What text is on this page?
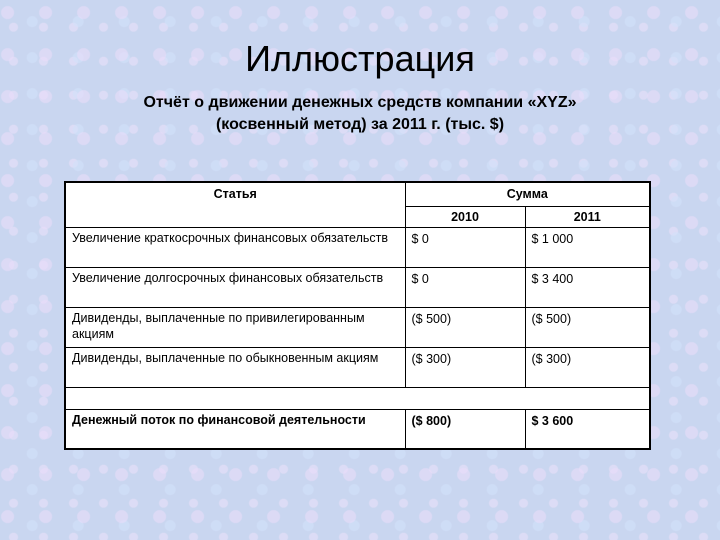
Иллюстрация
Отчёт о движении денежных средств компании «XYZ»
(косвенный метод) за 2011 г. (тыс. $)
Статья	Сумма	
	2010	2011
Увеличение краткосрочных финансовых обязательств	$ 0	$ 1 000
Увеличение долгосрочных финансовых обязательств	$ 0	$ 3 400
Дивиденды, выплаченные по привилегированным акциям	($ 500)	($ 500)
Дивиденды, выплаченные по обыкновенным акциям	($ 300)	($ 300)

Денежный поток по финансовой деятельности	($ 800)	$ 3 600
